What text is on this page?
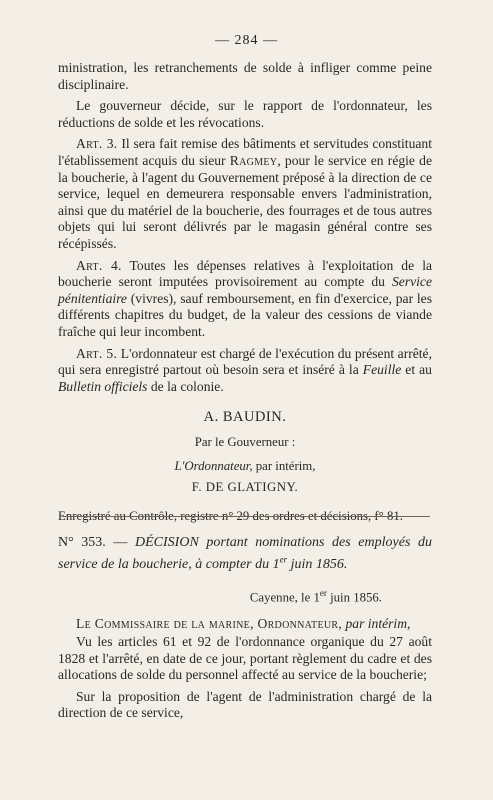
— 284 —

ministration, les retranchements de solde à infliger comme peine disciplinaire.

Le gouverneur décide, sur le rapport de l'ordonnateur, les réductions de solde et les révocations.

Art. 3. Il sera fait remise des bâtiments et servitudes constituant l'établissement acquis du sieur Ragmey, pour le service en régie de la boucherie, à l'agent du Gouvernement préposé à la direction de ce service, lequel en demeurera responsable envers l'administration, ainsi que du matériel de la boucherie, des fourrages et de tous autres objets qui lui seront délivrés par le magasin général contre ses récépissés.

Art. 4. Toutes les dépenses relatives à l'exploitation de la boucherie seront imputées provisoirement au compte du Service pénitentiaire (vivres), sauf remboursement, en fin d'exercice, par les différents chapitres du budget, de la valeur des cessions de viande fraîche qui leur incombent.

Art. 5. L'ordonnateur est chargé de l'exécution du présent arrêté, qui sera enregistré partout où besoin sera et inséré à la Feuille et au Bulletin officiels de la colonie.

A. BAUDIN.

Par le Gouverneur :

L'Ordonnateur, par intérim,

F. DE GLATIGNY.

Enregistré au Contrôle, registre n° 29 des ordres et décisions, f° 81.

N° 353. — DÉCISION portant nominations des employés du service de la boucherie, à compter du 1er juin 1856.

Cayenne, le 1er juin 1856.

Le Commissaire de la marine, Ordonnateur, par intérim,

Vu les articles 61 et 92 de l'ordonnance organique du 27 août 1828 et l'arrêté, en date de ce jour, portant règlement du cadre et des allocations de solde du personnel affecté au service de la boucherie;

Sur la proposition de l'agent de l'administration chargé de la direction de ce service,
